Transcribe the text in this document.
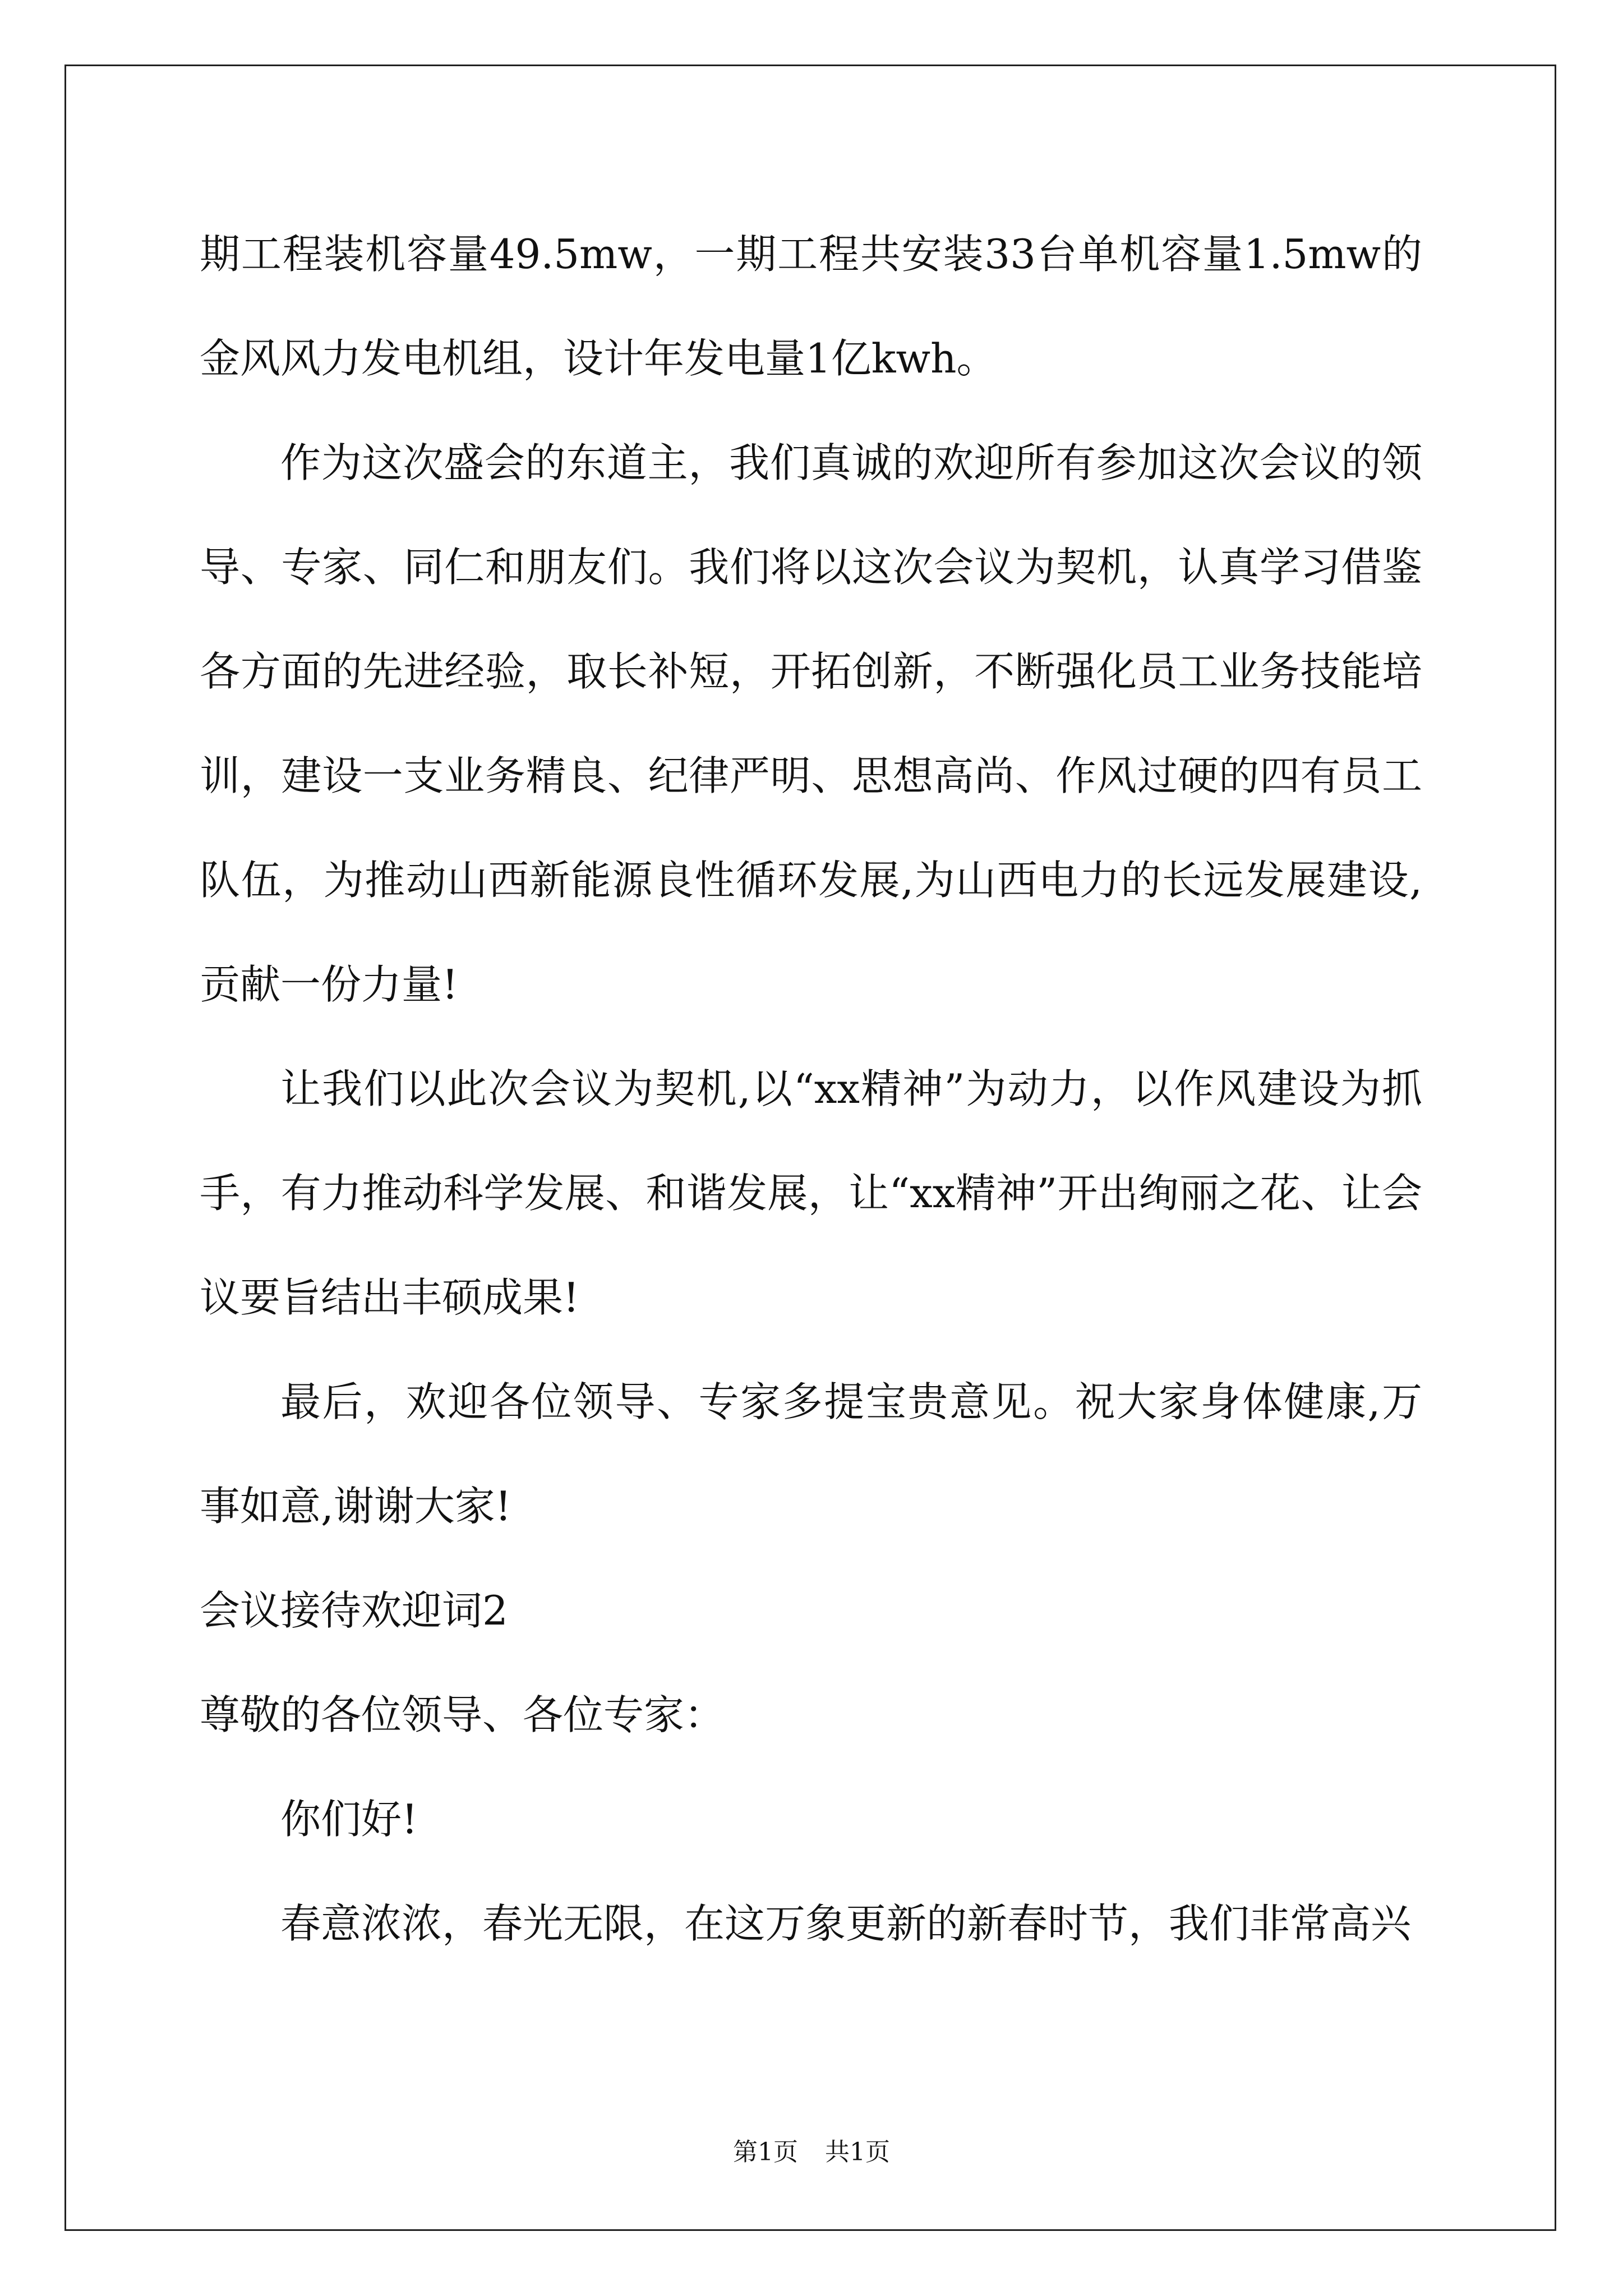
期工程装机容量49.5mw，一期工程共安装33台单机容量1.5mw的金风风力发电机组，设计年发电量1亿kwh。

作为这次盛会的东道主，我们真诚的欢迎所有参加这次会议的领导、专家、同仁和朋友们。我们将以这次会议为契机，认真学习借鉴各方面的先进经验，取长补短，开拓创新，不断强化员工业务技能培训，建设一支业务精良、纪律严明、思想高尚、作风过硬的四有员工队伍，为推动山西新能源良性循环发展,为山西电力的长远发展建设,贡献一份力量!

让我们以此次会议为契机,以“xx精神”为动力，以作风建设为抓手，有力推动科学发展、和谐发展，让“xx精神”开出绚丽之花、让会议要旨结出丰硕成果!

最后，欢迎各位领导、专家多提宝贵意见。祝大家身体健康,万事如意,谢谢大家!

会议接待欢迎词2

尊敬的各位领导、各位专家：

你们好!

春意浓浓，春光无限，在这万象更新的新春时节，我们非常高兴

第1页 共1页
